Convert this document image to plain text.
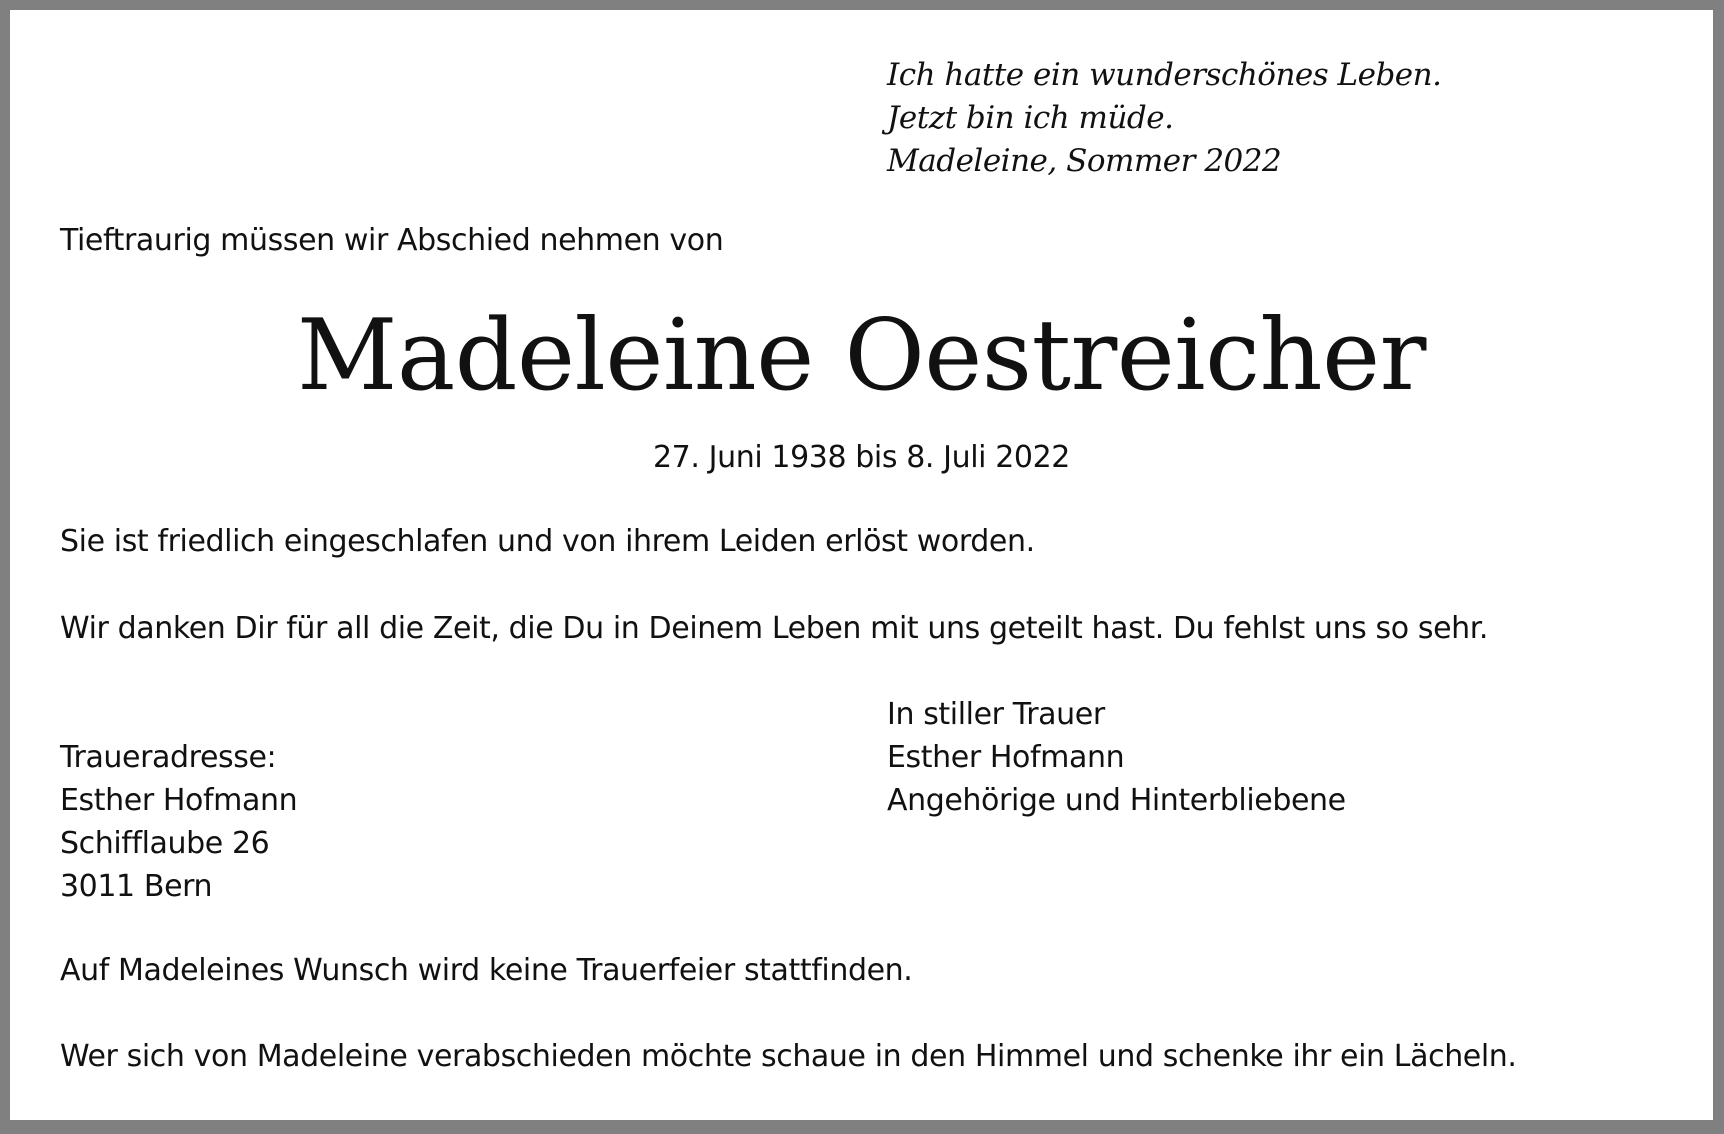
Ich hatte ein wunderschönes Leben.
Jetzt bin ich müde.
Madeleine, Sommer 2022
Tieftraurig müssen wir Abschied nehmen von
Madeleine Oestreicher
27. Juni 1938 bis 8. Juli 2022
Sie ist friedlich eingeschlafen und von ihrem Leiden erlöst worden.
Wir danken Dir für all die Zeit, die Du in Deinem Leben mit uns geteilt hast. Du fehlst uns so sehr.
In stiller Trauer
Esther Hofmann
Angehörige und Hinterbliebene
Traueradresse:
Esther Hofmann
Schifflaube 26
3011 Bern
Auf Madeleines Wunsch wird keine Trauerfeier stattfinden.
Wer sich von Madeleine verabschieden möchte schaue in den Himmel und schenke ihr ein Lächeln.
